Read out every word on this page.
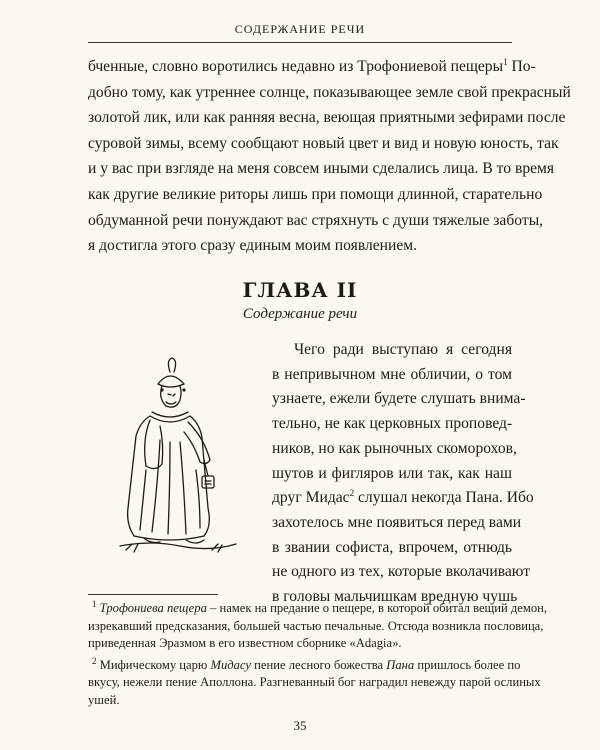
СОДЕРЖАНИЕ РЕЧИ
бченные, словно воротились недавно из Трофониевой пещеры$^1$ По-
добно тому, как утреннее солнце, показывающее земле свой прекрасный
золотой лик, или как ранняя весна, веющая приятными зефирами после
суровой зимы, всему сообщают новый цвет и вид и новую юность, так
и у вас при взгляде на меня совсем иными сделались лица. В то время
как другие великие риторы лишь при помощи длинной, старательно
обдуманной речи понуждают вас стряхнуть с души тяжелые заботы,
я достигла этого сразу единым моим появлением.
ГЛАВА II
Содержание речи
Чего ради выступаю я сегодня
в непривычном мне обличии, о том
узнаете, ежели будете слушать внима-
тельно, не как церковных проповед-
ников, но как рыночных скоморохов,
шутов и фигляров или так, как наш
друг Мидас$^2$ слушал некогда Пана. Ибо
захотелось мне появиться перед вами
в звании софиста, впрочем, отнюдь
не одного из тех, которые вколачивают
в головы мальчишкам вредную чушь
$^1$ Трофониева пещера – намек на предание о пещере, в которой обитал вещий демон,
изрекавший предсказания, большей частью печальные. Отсюда возникла пословица,
приведенная Эразмом в его известном сборнике «Adagia».
$^2$ Мифическому царю Мидасу пение лесного божества Пана пришлось более по
вкусу, нежели пение Аполлона. Разгневанный бог наградил невежду парой ослиных
ушей.
35
